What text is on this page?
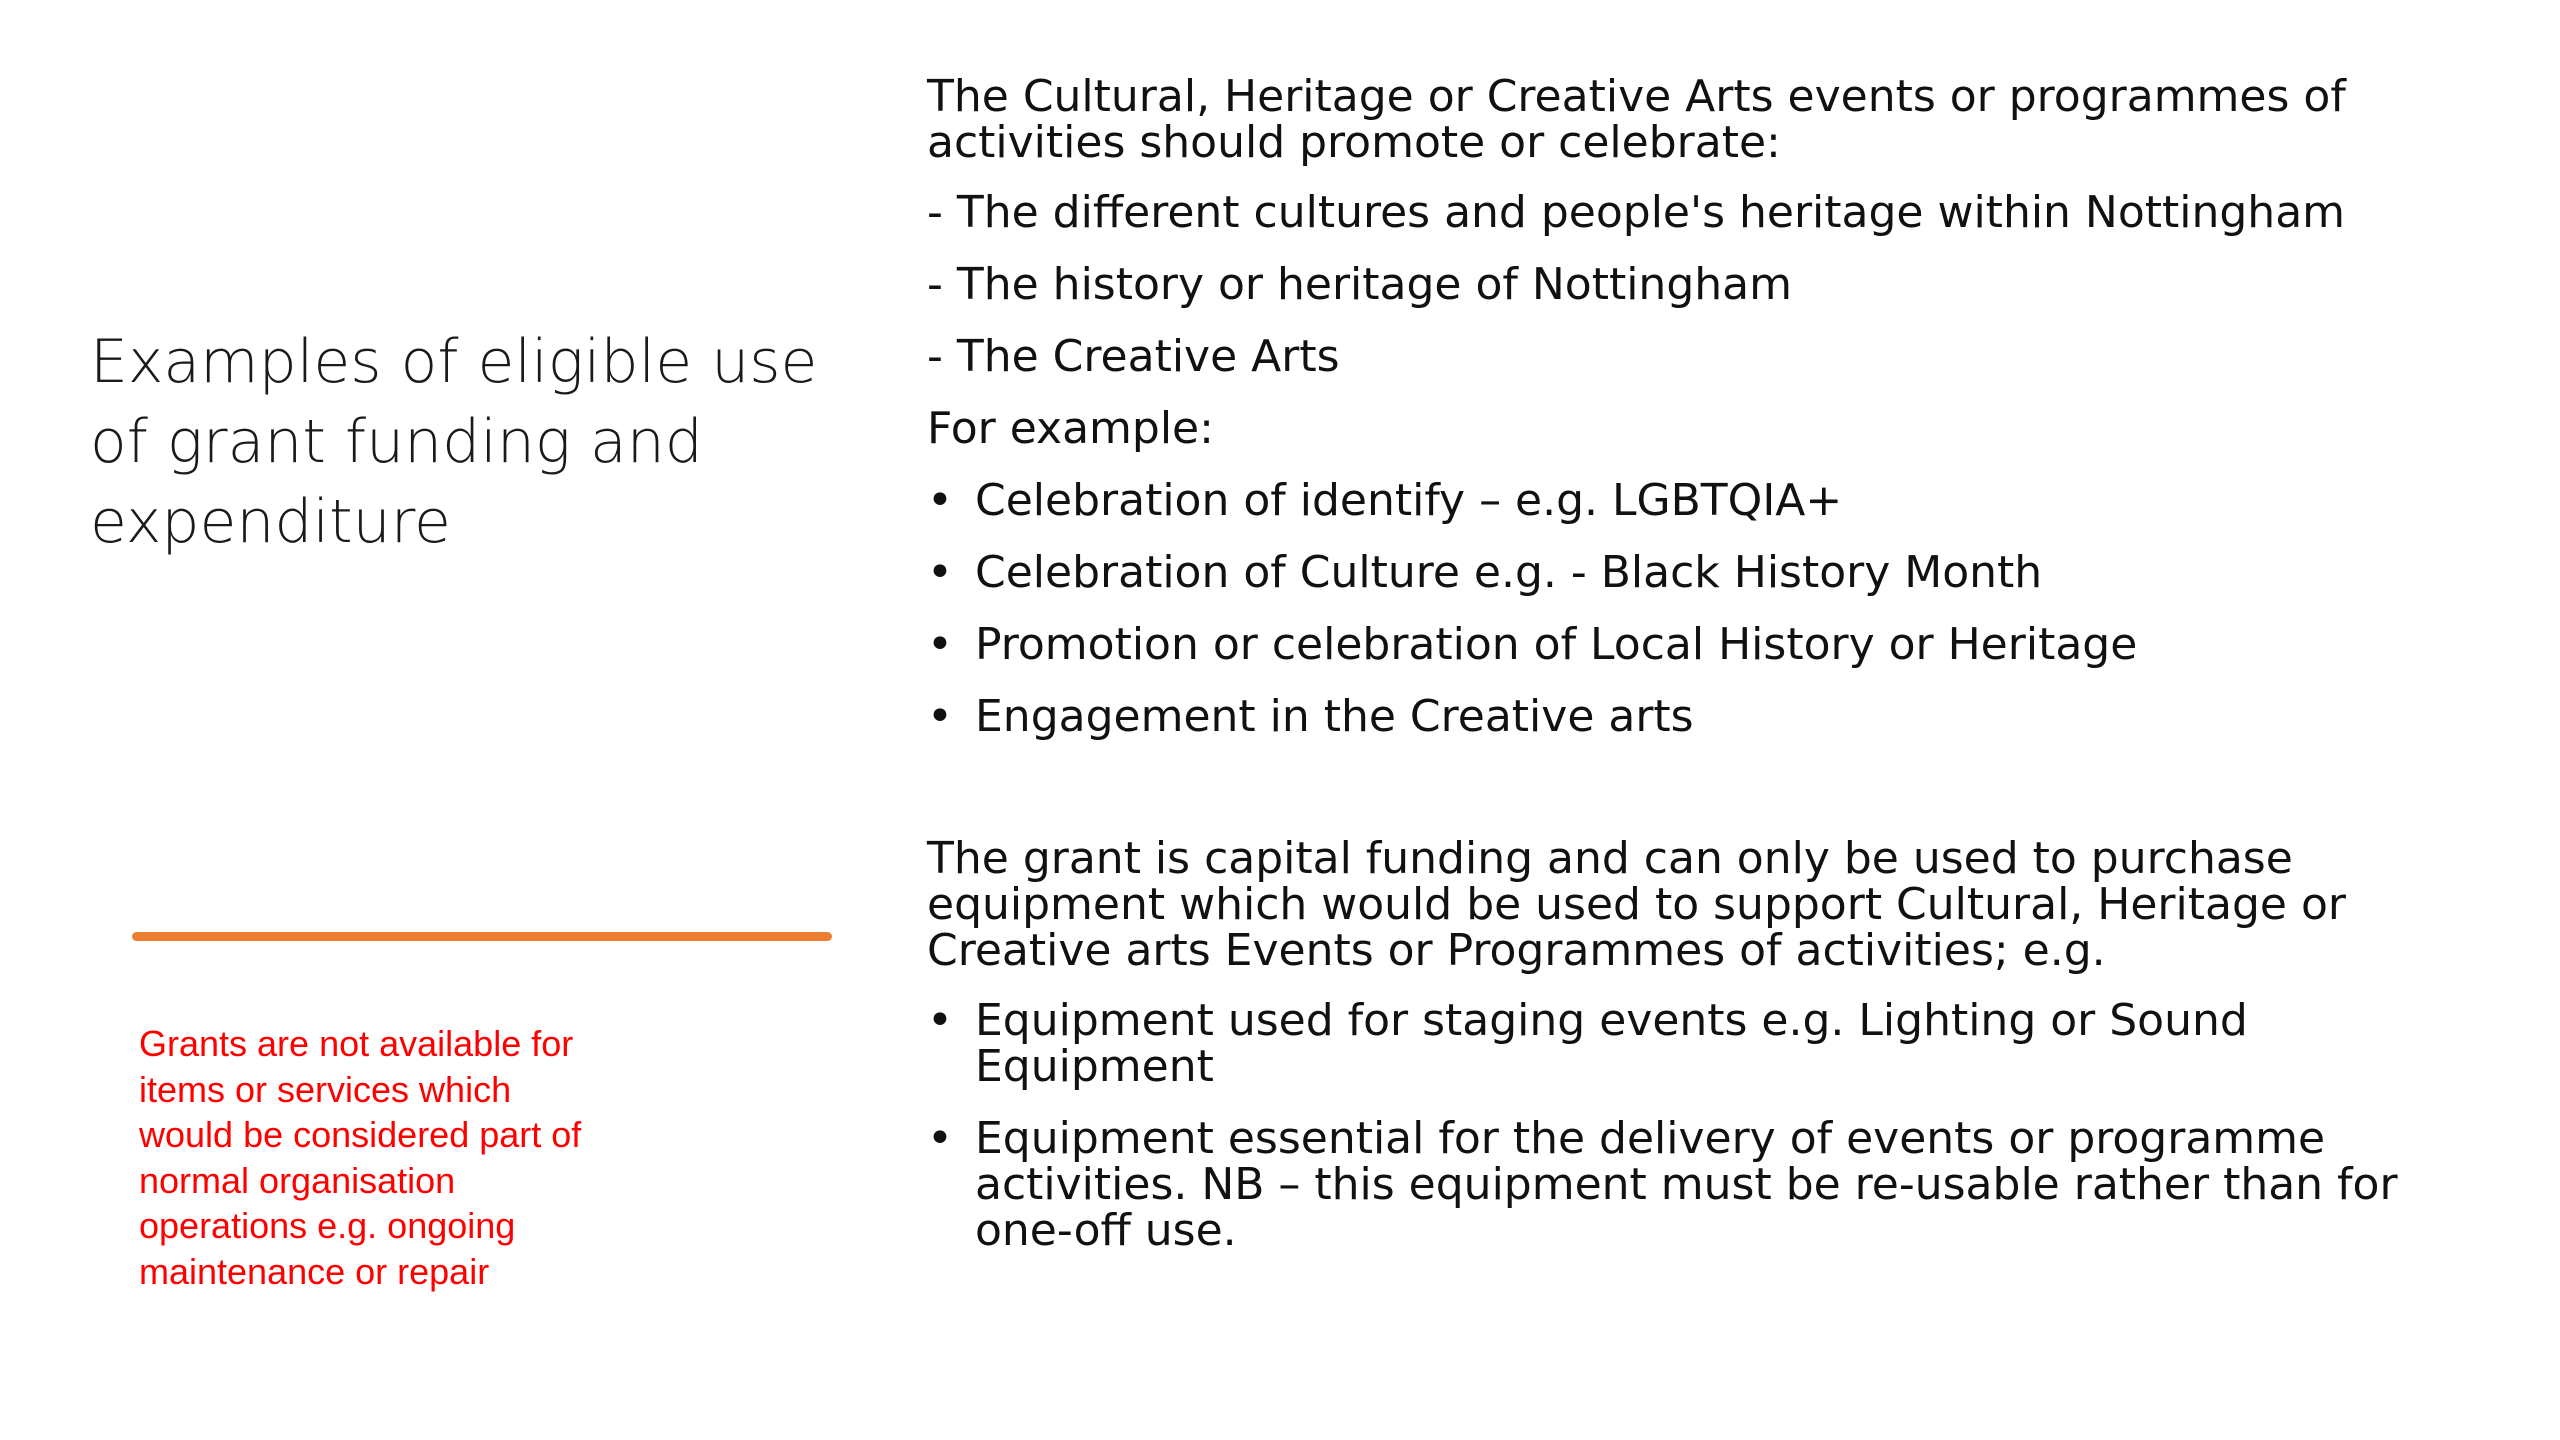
Examples of eligible use of grant funding and expenditure
Grants are not available for items or services which would be considered part of normal organisation operations e.g. ongoing maintenance or repair

The Cultural, Heritage or Creative Arts events or programmes of activities should promote or celebrate:

- The different cultures and people's heritage within Nottingham

- The history or heritage of Nottingham

- The Creative Arts

For example:

• Celebration of identify – e.g. LGBTQIA+
• Celebration of Culture e.g. - Black History Month
• Promotion or celebration of Local History or Heritage
• Engagement in the Creative arts

The grant is capital funding and can only be used to purchase equipment which would be used to support Cultural, Heritage or Creative arts Events or Programmes of activities; e.g.

• Equipment used for staging events e.g. Lighting or Sound Equipment
• Equipment essential for the delivery of events or programme activities. NB – this equipment must be re-usable rather than for one-off use.
